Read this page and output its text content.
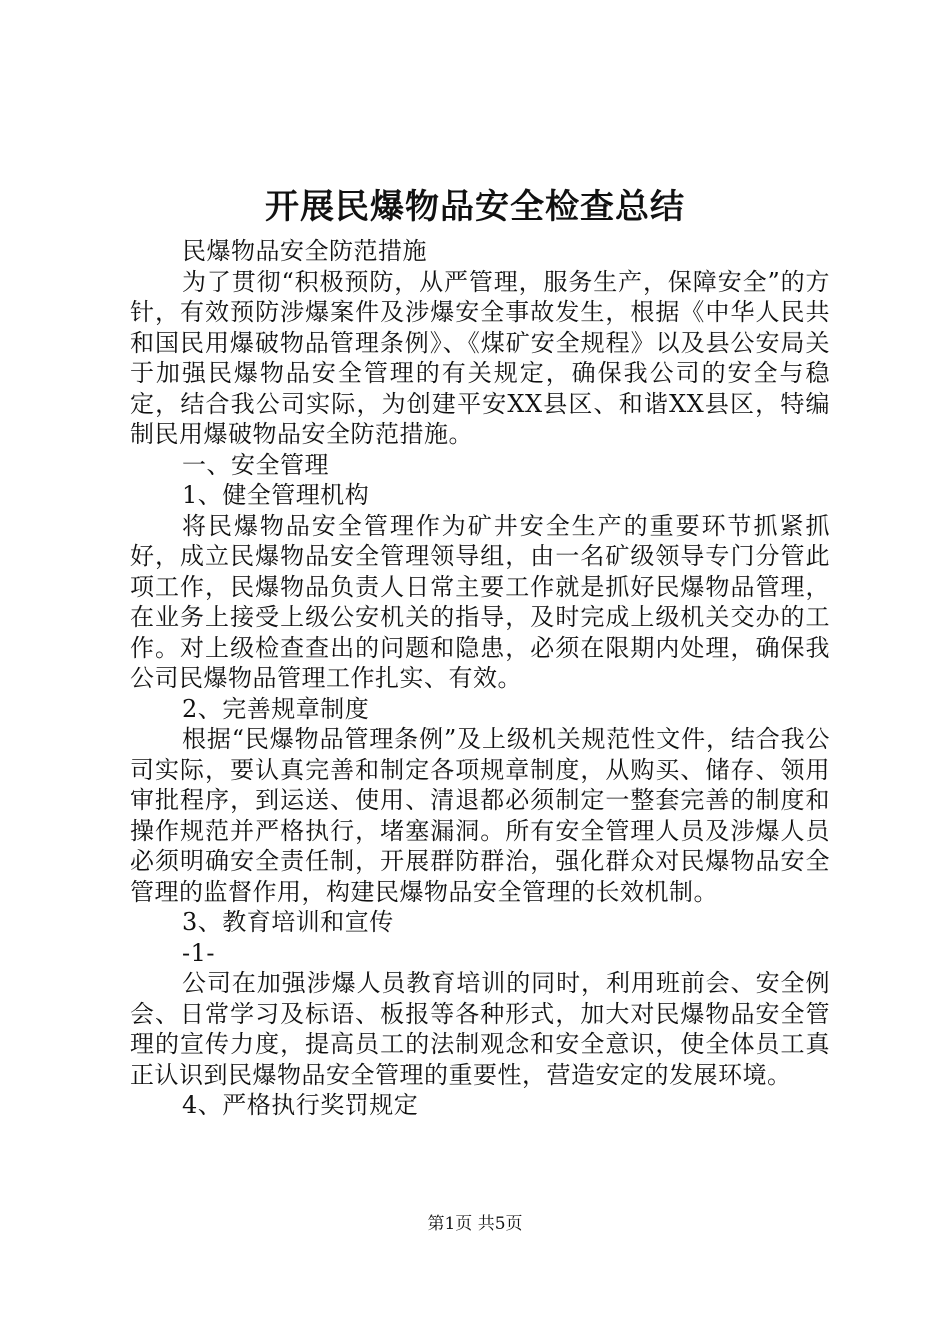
开展民爆物品安全检查总结

民爆物品安全防范措施

为了贯彻“积极预防，从严管理，服务生产，保障安全”的方针，有效预防涉爆案件及涉爆安全事故发生，根据《中华人民共和国民用爆破物品管理条例》、《煤矿安全规程》以及县公安局关于加强民爆物品安全管理的有关规定，确保我公司的安全与稳定，结合我公司实际，为创建平安XX县区、和谐XX县区，特编制民用爆破物品安全防范措施。

一、安全管理

1、健全管理机构

将民爆物品安全管理作为矿井安全生产的重要环节抓紧抓好，成立民爆物品安全管理领导组，由一名矿级领导专门分管此项工作，民爆物品负责人日常主要工作就是抓好民爆物品管理，在业务上接受上级公安机关的指导，及时完成上级机关交办的工作。对上级检查查出的问题和隐患，必须在限期内处理，确保我公司民爆物品管理工作扎实、有效。

2、完善规章制度

根据“民爆物品管理条例”及上级机关规范性文件，结合我公司实际，要认真完善和制定各项规章制度，从购买、储存、领用审批程序，到运送、使用、清退都必须制定一整套完善的制度和操作规范并严格执行，堵塞漏洞。所有安全管理人员及涉爆人员必须明确安全责任制，开展群防群治，强化群众对民爆物品安全管理的监督作用，构建民爆物品安全管理的长效机制。

3、教育培训和宣传

-1-

公司在加强涉爆人员教育培训的同时，利用班前会、安全例会、日常学习及标语、板报等各种形式，加大对民爆物品安全管理的宣传力度，提高员工的法制观念和安全意识，使全体员工真正认识到民爆物品安全管理的重要性，营造安定的发展环境。

4、严格执行奖罚规定

第1页 共5页
